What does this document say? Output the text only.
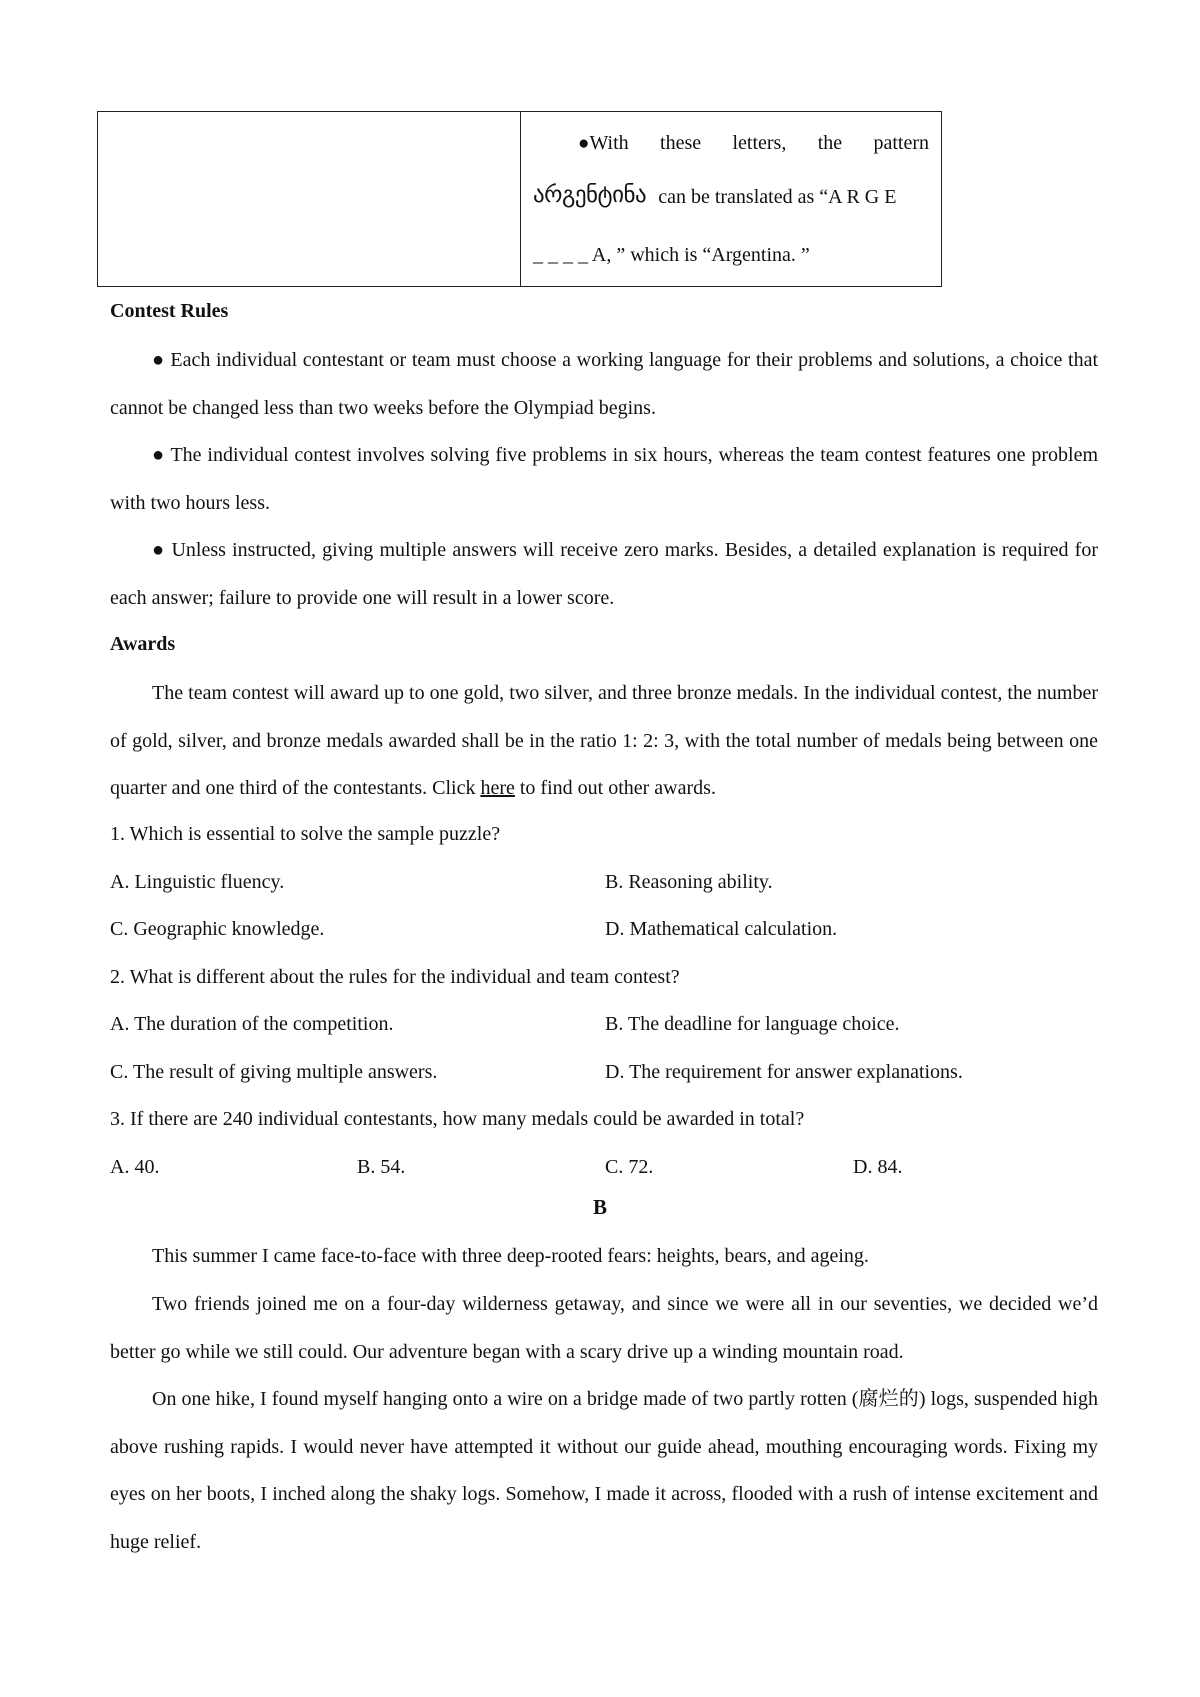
●With these letters, the pattern
არგენტინა can be translated as “A R G E
_ _ _ _ A, ” which is “Argentina. ”

Contest Rules

● Each individual contestant or team must choose a working language for their problems and solutions, a choice that cannot be changed less than two weeks before the Olympiad begins.

● The individual contest involves solving five problems in six hours, whereas the team contest features one problem with two hours less.

● Unless instructed, giving multiple answers will receive zero marks. Besides, a detailed explanation is required for each answer; failure to provide one will result in a lower score.

Awards

The team contest will award up to one gold, two silver, and three bronze medals. In the individual contest, the number of gold, silver, and bronze medals awarded shall be in the ratio 1: 2: 3, with the total number of medals being between one quarter and one third of the contestants. Click here to find out other awards.

1. Which is essential to solve the sample puzzle?

A. Linguistic fluency.	B. Reasoning ability.

C. Geographic knowledge.	D. Mathematical calculation.

2. What is different about the rules for the individual and team contest?

A. The duration of the competition.	B. The deadline for language choice.

C. The result of giving multiple answers.	D. The requirement for answer explanations.

3. If there are 240 individual contestants, how many medals could be awarded in total?

A. 40.	B. 54.	C. 72.	D. 84.

B

This summer I came face-to-face with three deep-rooted fears: heights, bears, and ageing.

Two friends joined me on a four-day wilderness getaway, and since we were all in our seventies, we decided we’d better go while we still could. Our adventure began with a scary drive up a winding mountain road.

On one hike, I found myself hanging onto a wire on a bridge made of two partly rotten (腐烂的) logs, suspended high above rushing rapids. I would never have attempted it without our guide ahead, mouthing encouraging words. Fixing my eyes on her boots, I inched along the shaky logs. Somehow, I made it across, flooded with a rush of intense excitement and huge relief.
